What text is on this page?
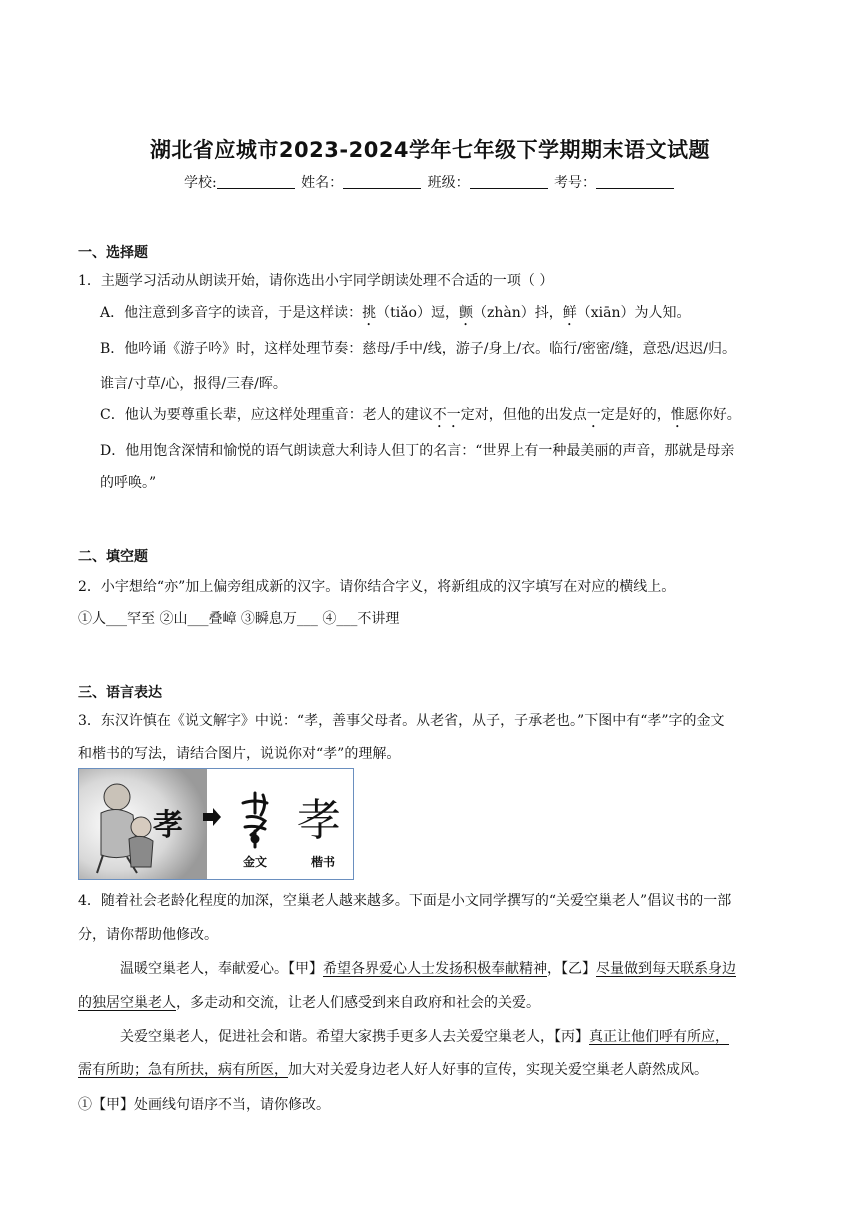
湖北省应城市2023-2024学年七年级下学期期末语文试题
学校:	姓名：	班级：	考号：
一、选择题
1．主题学习活动从朗读开始，请你选出小宇同学朗读处理不合适的一项（ ）
A．他注意到多音字的读音，于是这样读：挑（tiǎo）逗，颤（zhàn）抖，鲜（xiān）为人知。
B．他吟诵《游子吟》时，这样处理节奏：慈母/手中/线，游子/身上/衣。临行/密密/缝，意恐/迟迟/归。
谁言/寸草/心，报得/三春/晖。
C．他认为要尊重长辈，应这样处理重音：老人的建议不一定对，但他的出发点一定是好的，惟愿你好。
D．他用饱含深情和愉悦的语气朗读意大利诗人但丁的名言：“世界上有一种最美丽的声音，那就是母亲
的呼唤。”
二、填空题
2．小宇想给“亦”加上偏旁组成新的汉字。请你结合字义，将新组成的汉字填写在对应的横线上。
①人___罕至 ②山___叠嶂 ③瞬息万___ ④___不讲理
三、语言表达
3．东汉许慎在《说文解字》中说：“孝，善事父母者。从老省，从子，子承老也。”下图中有“孝”字的金文
和楷书的写法，请结合图片，说说你对“孝”的理解。
孝	孝
金文	楷书
4．随着社会老龄化程度的加深，空巢老人越来越多。下面是小文同学撰写的“关爱空巢老人”倡议书的一部
分，请你帮助他修改。
温暖空巢老人，奉献爱心。【甲】希望各界爱心人士发扬积极奉献精神，【乙】尽量做到每天联系身边
的独居空巢老人，多走动和交流，让老人们感受到来自政府和社会的关爱。
关爱空巢老人，促进社会和谐。希望大家携手更多人去关爱空巢老人，【丙】真正让他们呼有所应，
需有所助；急有所扶，病有所医，加大对关爱身边老人好人好事的宣传，实现关爱空巢老人蔚然成风。
①【甲】处画线句语序不当，请你修改。
